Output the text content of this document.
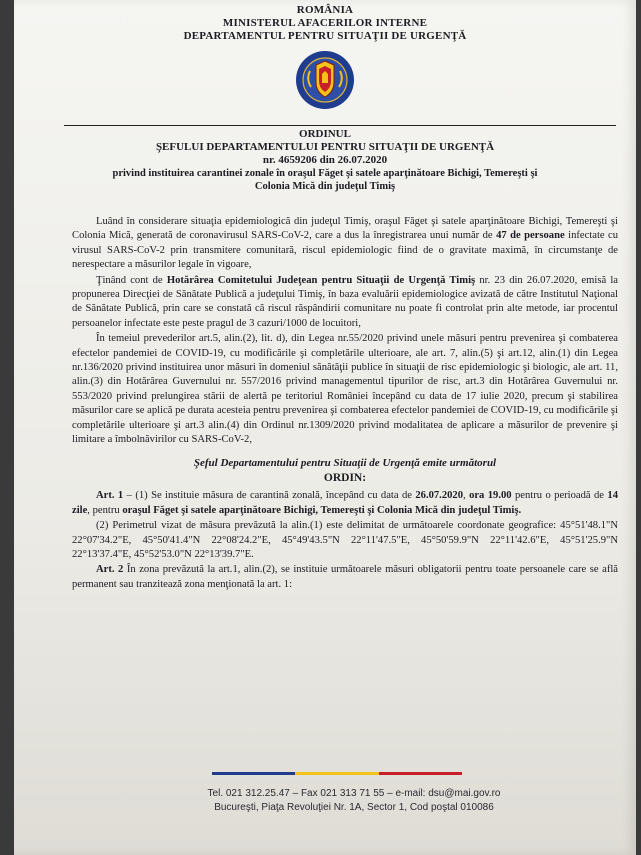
ROMÂNIA
MINISTERUL AFACERILOR INTERNE
DEPARTAMENTUL PENTRU SITUAŢII DE URGENŢĂ
ORDINUL
ŞEFULUI DEPARTAMENTULUI PENTRU SITUAŢII DE URGENŢĂ
nr. 4659206 din 26.07.2020
privind instituirea carantinei zonale în oraşul Făget şi satele aparţinătoare Bichigi, Temereşti şi
Colonia Mică din judeţul Timiş

Luând în considerare situaţia epidemiologică din judeţul Timiş, oraşul Făget şi satele aparţinătoare Bichigi, Temereşti şi Colonia Mică, generată de coronavirusul SARS-CoV-2, care a dus la înregistrarea unui număr de 47 de persoane infectate cu virusul SARS-CoV-2 prin transmitere comunitară, riscul epidemiologic fiind de o gravitate maximă, în circumstanţe de nerespectare a măsurilor legale în vigoare,

Ţinând cont de Hotărârea Comitetului Judeţean pentru Situaţii de Urgenţă Timiş nr. 23 din 26.07.2020, emisă la propunerea Direcţiei de Sănătate Publică a judeţului Timiş, în baza evaluării epidemiologice avizată de către Institutul Naţional de Sănătate Publică, prin care se constată că riscul răspândirii comunitare nu poate fi controlat prin alte metode, iar procentul persoanelor infectate este peste pragul de 3 cazuri/1000 de locuitori,

În temeiul prevederilor art.5, alin.(2), lit. d), din Legea nr.55/2020 privind unele măsuri pentru prevenirea şi combaterea efectelor pandemiei de COVID-19, cu modificările şi completările ulterioare, ale art. 7, alin.(5) şi art.12, alin.(1) din Legea nr.136/2020 privind instituirea unor măsuri în domeniul sănătăţii publice în situaţii de risc epidemiologic şi biologic, ale art. 11, alin.(3) din Hotărârea Guvernului nr. 557/2016 privind managementul tipurilor de risc, art.3 din Hotărârea Guvernului nr. 553/2020 privind prelungirea stării de alertă pe teritoriul României începând cu data de 17 iulie 2020, precum şi stabilirea măsurilor care se aplică pe durata acesteia pentru prevenirea şi combaterea efectelor pandemiei de COVID-19, cu modificările şi completările ulterioare şi art.3 alin.(4) din Ordinul nr.1309/2020 privind modalitatea de aplicare a măsurilor de prevenire şi limitare a îmbolnăvirilor cu SARS-CoV-2,

Şeful Departamentului pentru Situaţii de Urgenţă emite următorul

ORDIN:

Art. 1 – (1) Se instituie măsura de carantină zonală, începând cu data de 26.07.2020, ora 19.00 pentru o perioadă de 14 zile, pentru oraşul Făget şi satele aparţinătoare Bichigi, Temereşti şi Colonia Mică din judeţul Timiş.

(2) Perimetrul vizat de măsura prevăzută la alin.(1) este delimitat de următoarele coordonate geografice: 45°51'48.1"N 22°07'34.2"E, 45°50'41.4"N 22°08'24.2"E, 45°49'43.5"N 22°11'47.5"E, 45°50'59.9"N 22°11'42.6"E, 45°51'25.9"N 22°13'37.4"E, 45°52'53.0"N 22°13'39.7"E.

Art. 2 În zona prevăzută la art.1, alin.(2), se instituie următoarele măsuri obligatorii pentru toate persoanele care se află permanent sau tranzitează zona menţionată la art. 1:

Tel. 021 312.25.47 – Fax 021 313 71 55 – e-mail: dsu@mai.gov.ro
Bucureşti, Piaţa Revoluţiei Nr. 1A, Sector 1, Cod poştal 010086
